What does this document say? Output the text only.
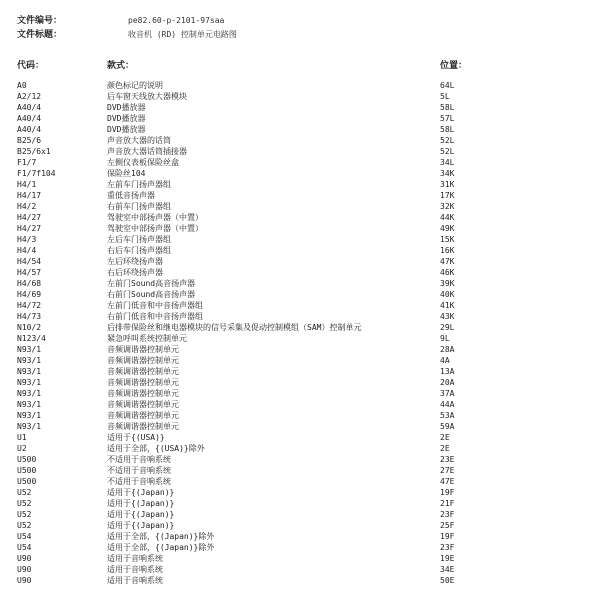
文件编号：	pe82.60-p-2101-97saa
文件标题：	收音机 (RD) 控制单元电路图
代码：	款式：	位置：
A0	颜色标记的说明	64L
A2/12	后车窗天线放大器模块	5L
A40/4	DVD播放器	58L
A40/4	DVD播放器	57L
A40/4	DVD播放器	58L
B25/6	声音放大器的话筒	52L
B25/6x1	声音放大器话筒插接器	52L
F1/7	左侧仪表板保险丝盒	34L
F1/7f104	保险丝104	34K
H4/1	左前车门扬声器组	31K
H4/17	重低音扬声器	17K
H4/2	右前车门扬声器组	32K
H4/27	驾驶室中部扬声器（中置）	44K
H4/27	驾驶室中部扬声器（中置）	49K
H4/3	左后车门扬声器组	15K
H4/4	右后车门扬声器组	16K
H4/54	左后环绕扬声器	47K
H4/57	右后环绕扬声器	46K
H4/68	左前门Sound高音扬声器	39K
H4/69	右前门Sound高音扬声器	40K
H4/72	左前门低音和中音扬声器组	41K
H4/73	右前门低音和中音扬声器组	43K
N10/2	后排带保险丝和继电器模块的信号采集及促动控制模组（SAM）控制单元	29L
N123/4	紧急呼叫系统控制单元	9L
N93/1	音频调谐器控制单元	28A
N93/1	音频调谐器控制单元	4A
N93/1	音频调谐器控制单元	13A
N93/1	音频调谐器控制单元	20A
N93/1	音频调谐器控制单元	37A
N93/1	音频调谐器控制单元	44A
N93/1	音频调谐器控制单元	53A
N93/1	音频调谐器控制单元	59A
U1	适用于{(USA)}	2E
U2	适用于全部，{(USA)}除外	2E
U500	不适用于音响系统	23E
U500	不适用于音响系统	27E
U500	不适用于音响系统	47E
U52	适用于{(Japan)}	19F
U52	适用于{(Japan)}	21F
U52	适用于{(Japan)}	23F
U52	适用于{(Japan)}	25F
U54	适用于全部，{(Japan)}除外	19F
U54	适用于全部，{(Japan)}除外	23F
U90	适用于音响系统	19E
U90	适用于音响系统	34E
U90	适用于音响系统	50E
